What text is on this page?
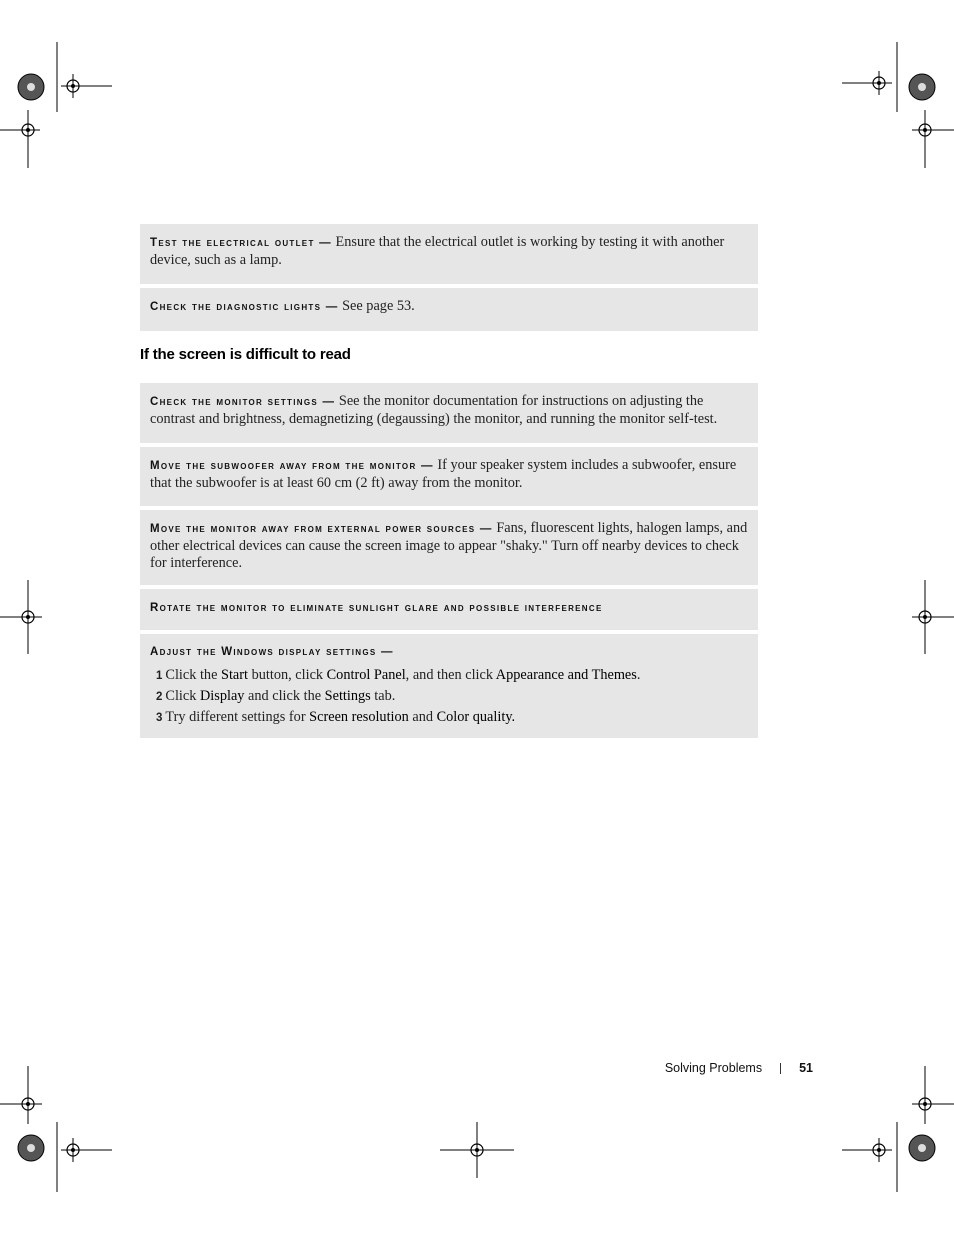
Test the electrical outlet — Ensure that the electrical outlet is working by testing it with another device, such as a lamp.
Check the diagnostic lights — See page 53.
If the screen is difficult to read
Check the monitor settings — See the monitor documentation for instructions on adjusting the contrast and brightness, demagnetizing (degaussing) the monitor, and running the monitor self-test.
Move the subwoofer away from the monitor — If your speaker system includes a subwoofer, ensure that the subwoofer is at least 60 cm (2 ft) away from the monitor.
Move the monitor away from external power sources — Fans, fluorescent lights, halogen lamps, and other electrical devices can cause the screen image to appear "shaky." Turn off nearby devices to check for interference.
Rotate the monitor to eliminate sunlight glare and possible interference
Adjust the Windows display settings —
1 Click the Start button, click Control Panel, and then click Appearance and Themes.
2 Click Display and click the Settings tab.
3 Try different settings for Screen resolution and Color quality.
Solving Problems	51
